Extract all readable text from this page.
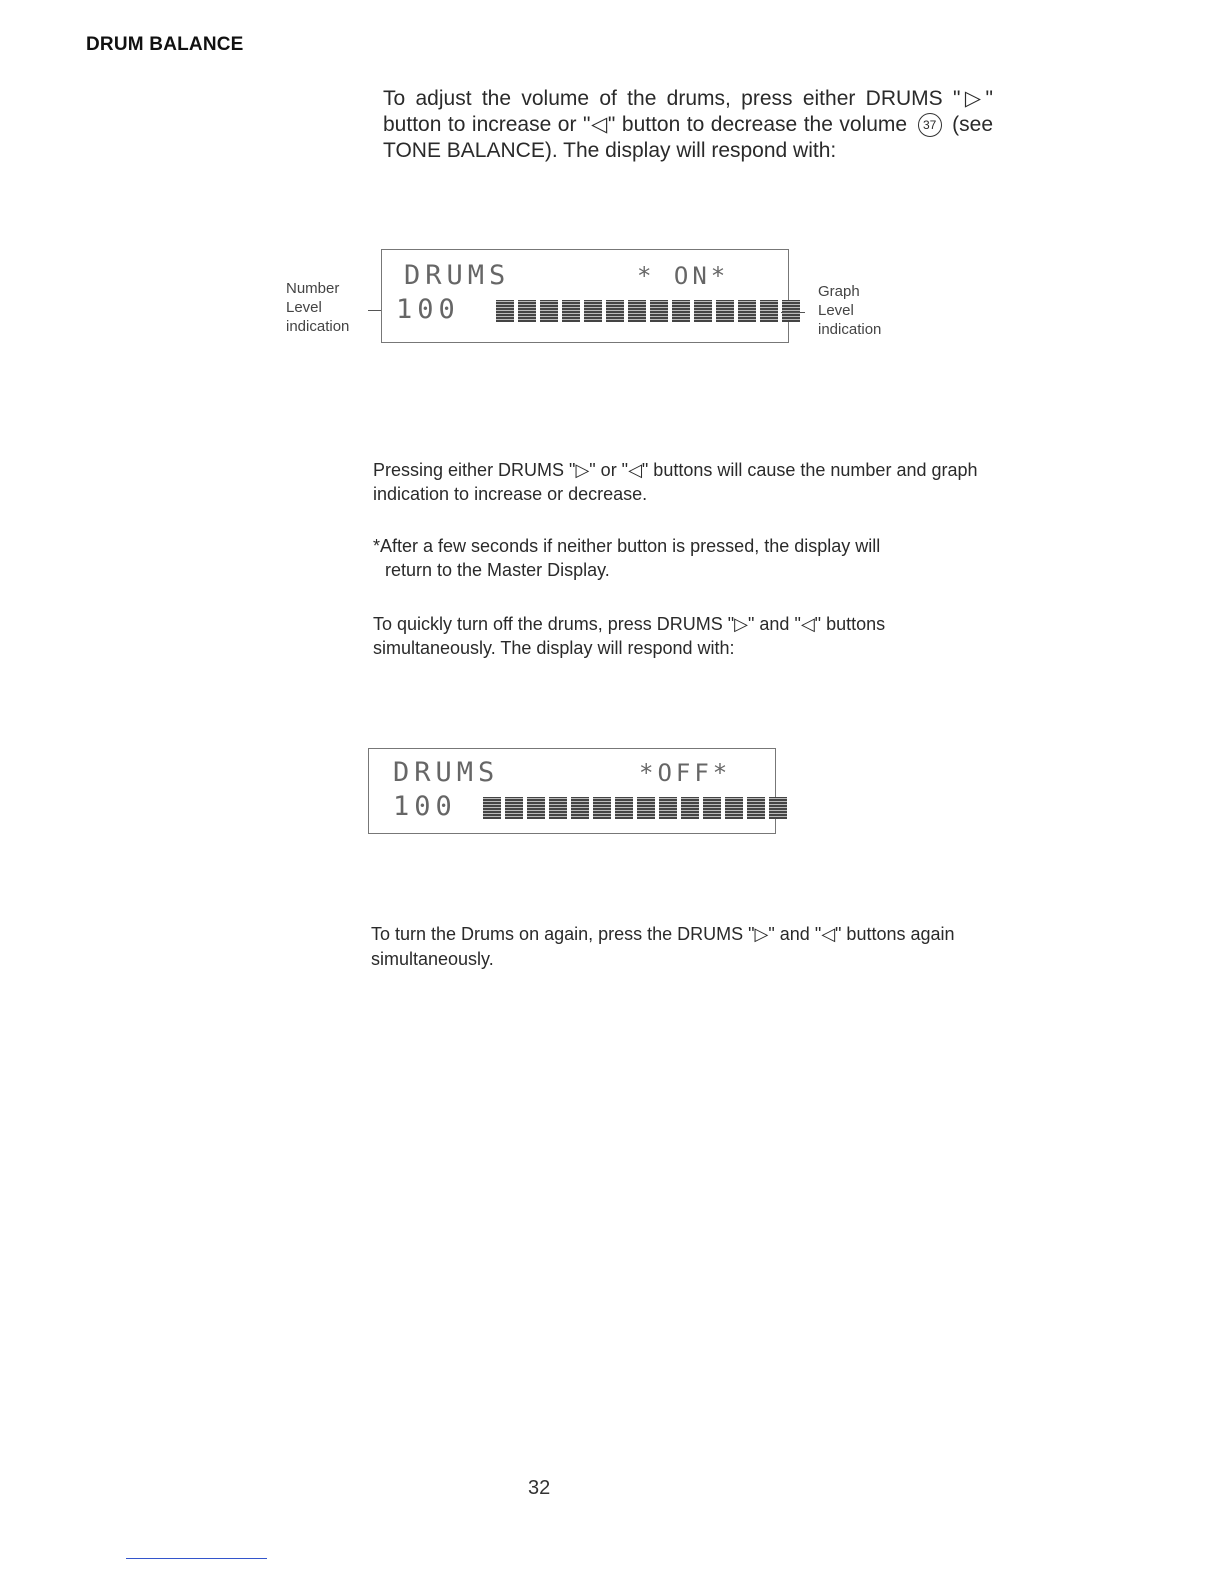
DRUM BALANCE

To adjust the volume of the drums, press either DRUMS "▷" button to increase or "◁" button to decrease the volume 37 (see TONE BALANCE). The display will respond with:

Number
Level
indication
DRUMS	* ON*
100
Graph
Level
indication

Pressing either DRUMS "▷" or "◁" buttons will cause the number and graph indication to increase or decrease.

*After a few seconds if neither button is pressed, the display will
return to the Master Display.

To quickly turn off the drums, press DRUMS "▷" and "◁" buttons simultaneously. The display will respond with:

DRUMS	*OFF*
100

To turn the Drums on again, press the DRUMS "▷" and "◁" buttons again simultaneously.

32
